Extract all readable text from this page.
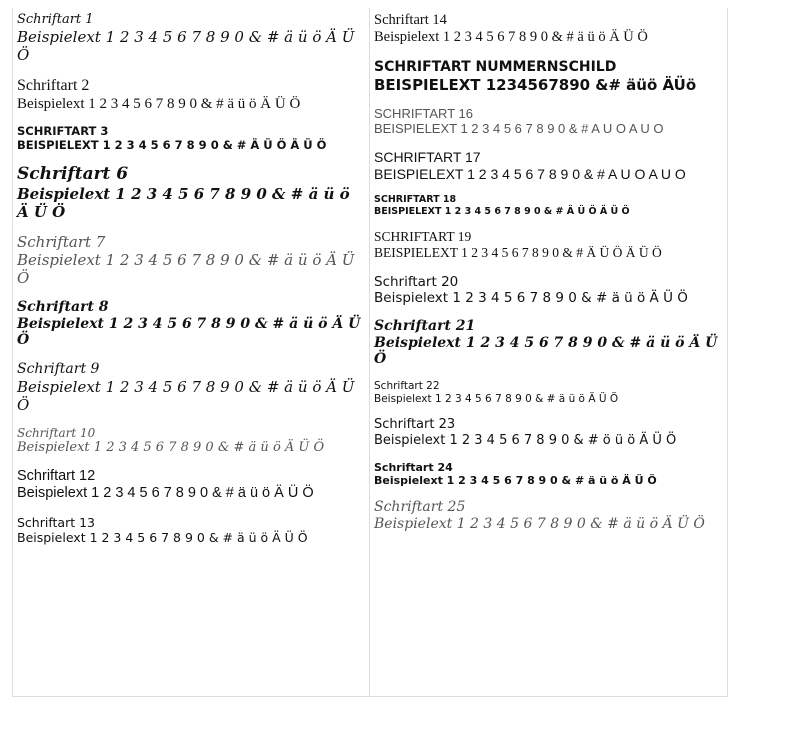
Schriftart 1
Beispielext 1 2 3 4 5 6 7 8 9 0 & # ä ü ö Ä Ü Ö
Schriftart 2
Beispielext 1 2 3 4 5 6 7 8 9 0 & # ä ü ö Ä Ü Ö
SCHRIFTART 3
BEISPIELEXT 1 2 3 4 5 6 7 8 9 0 & # Ä Ü Ö Ä Ü Ö
Schriftart 6
Beispielext 1 2 3 4 5 6 7 8 9 0 & # ä ü ö Ä Ü Ö
Schriftart 7
Beispielext 1 2 3 4 5 6 7 8 9 0 & # ä ü ö Ä Ü Ö
Schriftart 8
Beispielext 1 2 3 4 5 6 7 8 9 0 & # ä ü ö Ä Ü Ö
Schriftart 9
Beispielext 1 2 3 4 5 6 7 8 9 0 & # ä ü ö Ä Ü Ö
Schriftart 10
Beispielext 1 2 3 4 5 6 7 8 9 0 & # ä ü ö Ä Ü Ö
Schriftart 12
Beispielext 1 2 3 4 5 6 7 8 9 0 & # ä ü ö Ä Ü Ö
Schriftart 13
Beispielext 1 2 3 4 5 6 7 8 9 0 & # ä ü ö Ä Ü Ö
Schriftart 14
Beispielext 1 2 3 4 5 6 7 8 9 0 & # ä ü ö Ä Ü Ö
SCHRIFTART NUMMERNSCHILD
BEISPIELEXT 1234567890 &# äüö ÄÜö
SCHRIFTART 16
BEISPIELEXT 1 2 3 4 5 6 7 8 9 0 & # A U O A U O
SCHRIFTART 17
BEISPIELEXT 1 2 3 4 5 6 7 8 9 0 & # A U O A U O
SCHRIFTART 18
BEISPIELEXT 1 2 3 4 5 6 7 8 9 0 & # Ä Ü Ö Ä Ü Ö
SCHRIFTART 19
BEISPIELEXT 1 2 3 4 5 6 7 8 9 0 & # Ä Ü Ö Ä Ü Ö
Schriftart 20
Beispielext 1 2 3 4 5 6 7 8 9 0 & # ä ü ö Ä Ü Ö
Schriftart 21
Beispielext 1 2 3 4 5 6 7 8 9 0 & # ä ü ö Ä Ü Ö
Schriftart 22
Beispielext 1 2 3 4 5 6 7 8 9 0 & # ä ü ö Ä Ü Ö
Schriftart 23
Beispielext 1 2 3 4 5 6 7 8 9 0 & # ö ü ö Ä Ü Ö
Schriftart 24
Beispielext 1 2 3 4 5 6 7 8 9 0 & # ä ü ö Ä Ü Ö
Schriftart 25
Beispielext 1 2 3 4 5 6 7 8 9 0 & # ä ü ö Ä Ü Ö
